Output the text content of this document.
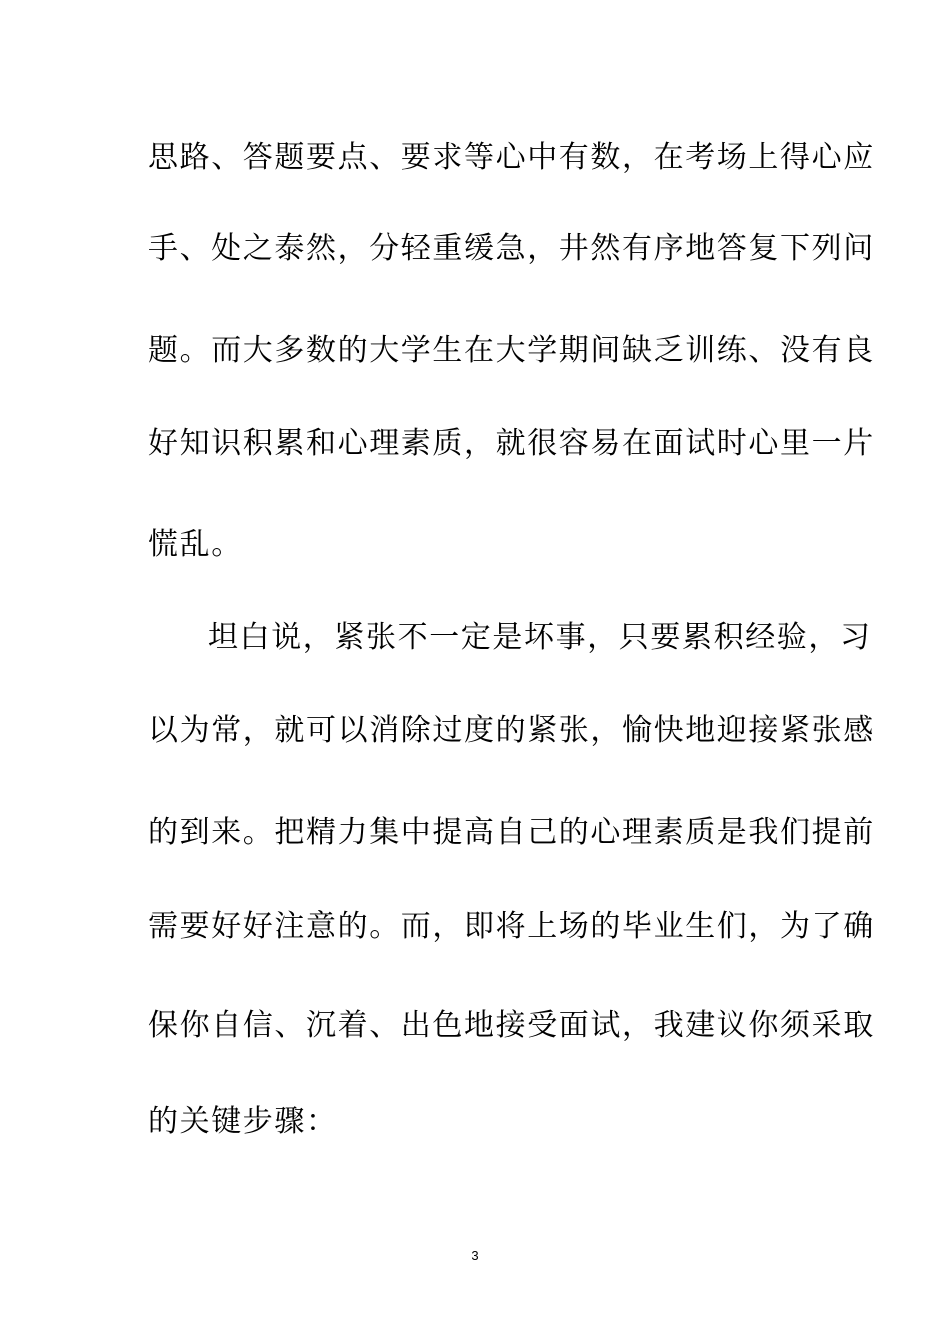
思路、答题要点、要求等心中有数，在考场上得心应
手、处之泰然，分轻重缓急，井然有序地答复下列问
题。而大多数的大学生在大学期间缺乏训练、没有良
好知识积累和心理素质，就很容易在面试时心里一片
慌乱。
坦白说，紧张不一定是坏事，只要累积经验，习
以为常，就可以消除过度的紧张，愉快地迎接紧张感
的到来。把精力集中提高自己的心理素质是我们提前
需要好好注意的。而，即将上场的毕业生们，为了确
保你自信、沉着、出色地接受面试，我建议你须采取
的关键步骤：
3
